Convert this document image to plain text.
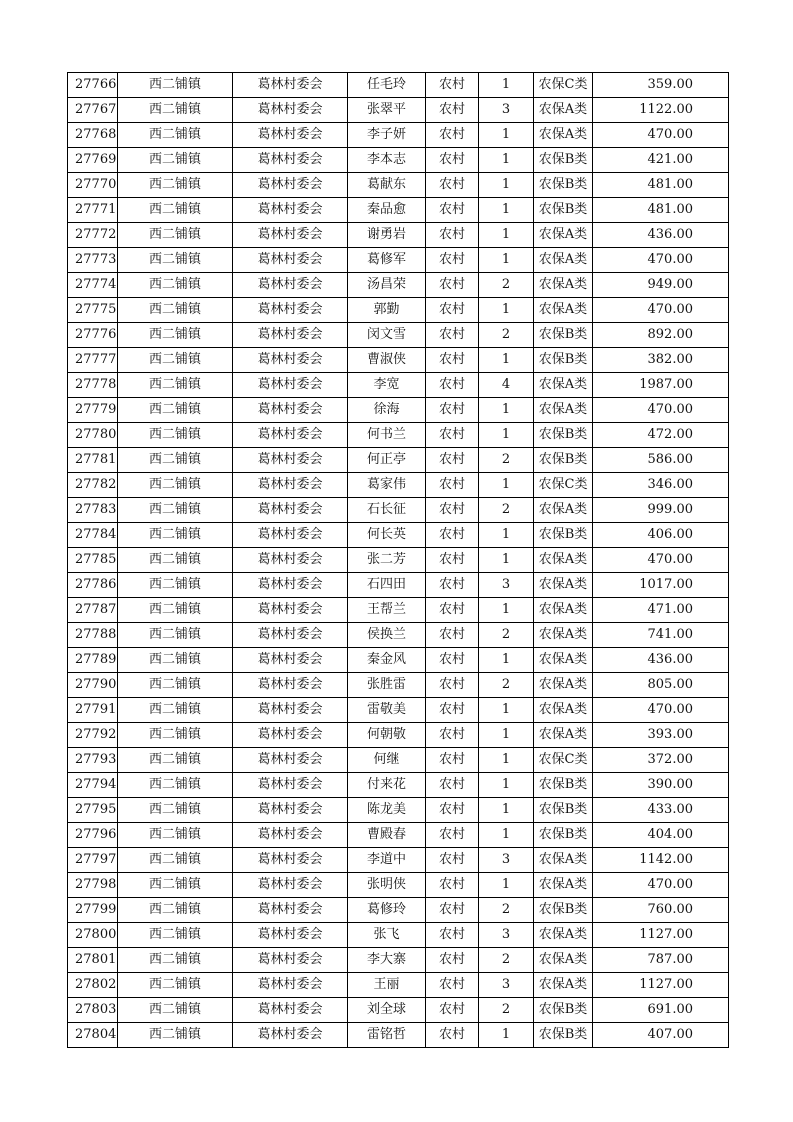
27766	西二铺镇	葛林村委会	任毛玲	农村	1	农保C类	359.00
27767	西二铺镇	葛林村委会	张翠平	农村	3	农保A类	1122.00
27768	西二铺镇	葛林村委会	李子妍	农村	1	农保A类	470.00
27769	西二铺镇	葛林村委会	李本志	农村	1	农保B类	421.00
27770	西二铺镇	葛林村委会	葛献东	农村	1	农保B类	481.00
27771	西二铺镇	葛林村委会	秦品愈	农村	1	农保B类	481.00
27772	西二铺镇	葛林村委会	谢勇岩	农村	1	农保A类	436.00
27773	西二铺镇	葛林村委会	葛修军	农村	1	农保A类	470.00
27774	西二铺镇	葛林村委会	汤昌荣	农村	2	农保A类	949.00
27775	西二铺镇	葛林村委会	郭勤	农村	1	农保A类	470.00
27776	西二铺镇	葛林村委会	闵文雪	农村	2	农保B类	892.00
27777	西二铺镇	葛林村委会	曹淑侠	农村	1	农保B类	382.00
27778	西二铺镇	葛林村委会	李宽	农村	4	农保A类	1987.00
27779	西二铺镇	葛林村委会	徐海	农村	1	农保A类	470.00
27780	西二铺镇	葛林村委会	何书兰	农村	1	农保B类	472.00
27781	西二铺镇	葛林村委会	何正亭	农村	2	农保B类	586.00
27782	西二铺镇	葛林村委会	葛家伟	农村	1	农保C类	346.00
27783	西二铺镇	葛林村委会	石长征	农村	2	农保A类	999.00
27784	西二铺镇	葛林村委会	何长英	农村	1	农保B类	406.00
27785	西二铺镇	葛林村委会	张二芳	农村	1	农保A类	470.00
27786	西二铺镇	葛林村委会	石四田	农村	3	农保A类	1017.00
27787	西二铺镇	葛林村委会	王帮兰	农村	1	农保A类	471.00
27788	西二铺镇	葛林村委会	侯换兰	农村	2	农保A类	741.00
27789	西二铺镇	葛林村委会	秦金风	农村	1	农保A类	436.00
27790	西二铺镇	葛林村委会	张胜雷	农村	2	农保A类	805.00
27791	西二铺镇	葛林村委会	雷敬美	农村	1	农保A类	470.00
27792	西二铺镇	葛林村委会	何朝敬	农村	1	农保A类	393.00
27793	西二铺镇	葛林村委会	何继	农村	1	农保C类	372.00
27794	西二铺镇	葛林村委会	付来花	农村	1	农保B类	390.00
27795	西二铺镇	葛林村委会	陈龙美	农村	1	农保B类	433.00
27796	西二铺镇	葛林村委会	曹殿春	农村	1	农保B类	404.00
27797	西二铺镇	葛林村委会	李道中	农村	3	农保A类	1142.00
27798	西二铺镇	葛林村委会	张明侠	农村	1	农保A类	470.00
27799	西二铺镇	葛林村委会	葛修玲	农村	2	农保B类	760.00
27800	西二铺镇	葛林村委会	张飞	农村	3	农保A类	1127.00
27801	西二铺镇	葛林村委会	李大寨	农村	2	农保A类	787.00
27802	西二铺镇	葛林村委会	王丽	农村	3	农保A类	1127.00
27803	西二铺镇	葛林村委会	刘全球	农村	2	农保B类	691.00
27804	西二铺镇	葛林村委会	雷铭哲	农村	1	农保B类	407.00
